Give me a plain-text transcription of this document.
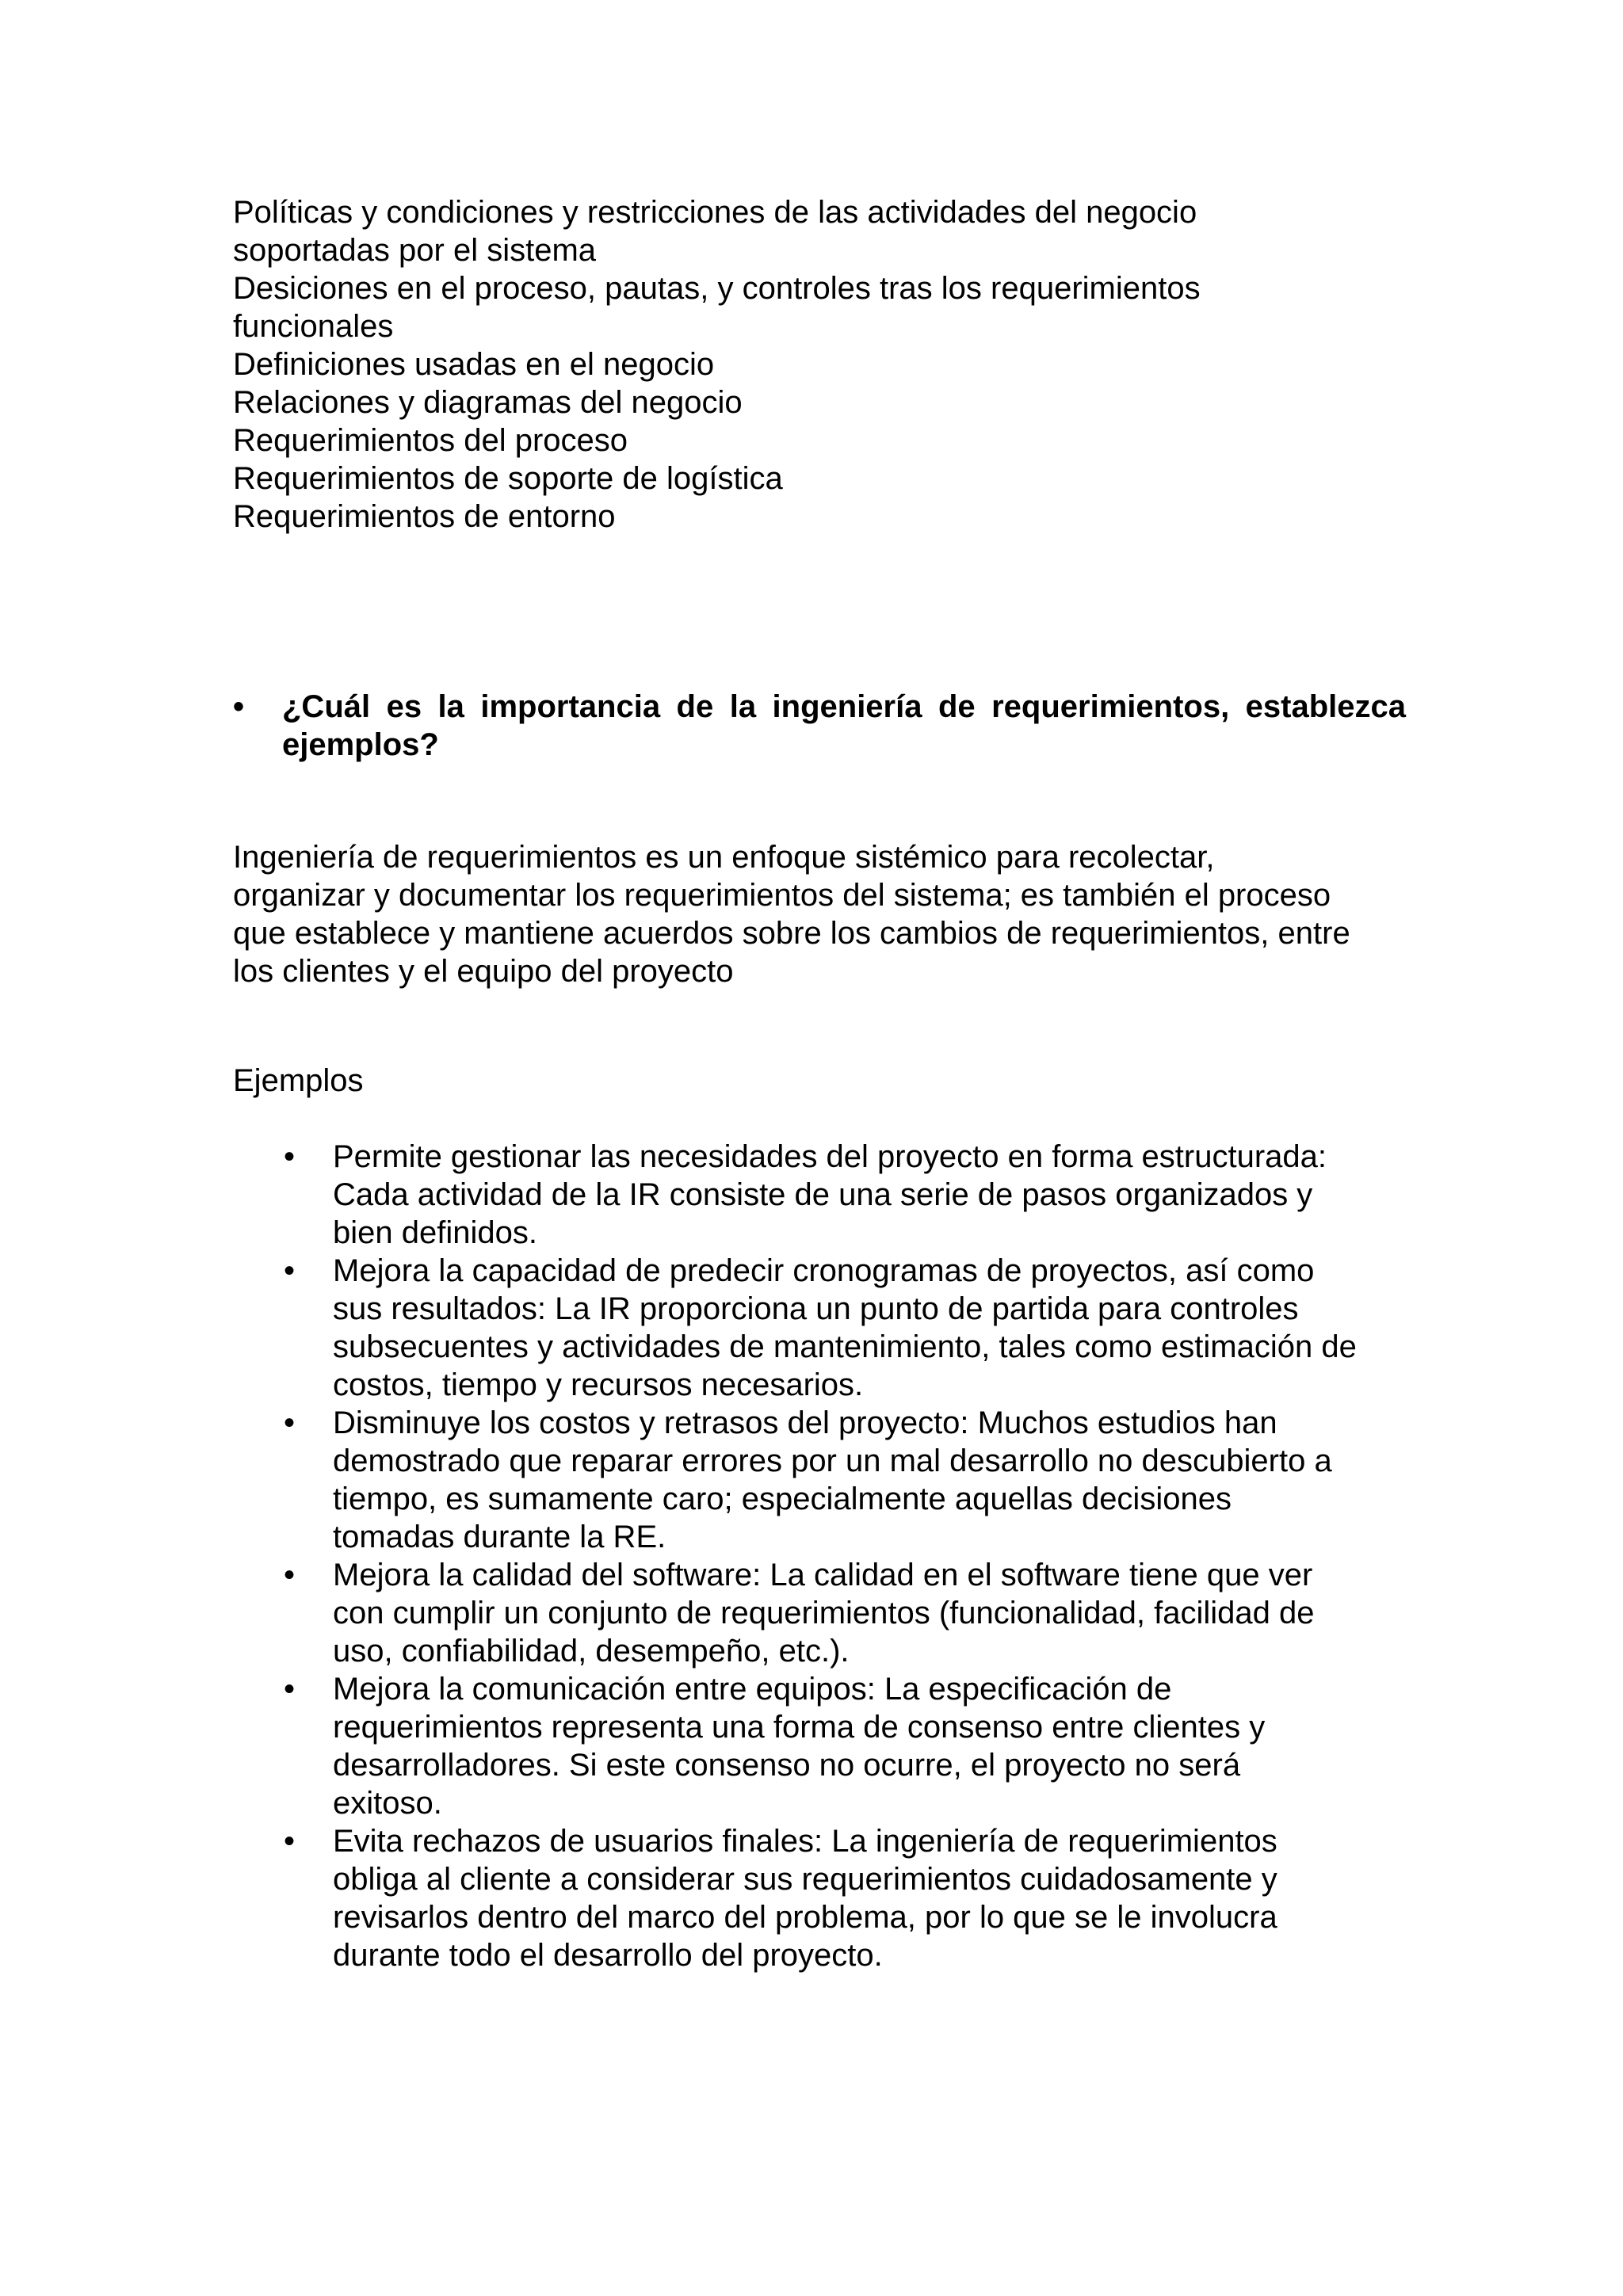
Políticas y condiciones y restricciones de las actividades del negocio
soportadas por el sistema
Desiciones en el proceso, pautas, y controles tras los requerimientos
funcionales
Definiciones usadas en el negocio
Relaciones y diagramas del negocio
Requerimientos del proceso
Requerimientos de soporte de logística
Requerimientos de entorno
•	¿Cuál es la importancia de la ingeniería de requerimientos, establezca
ejemplos?
Ingeniería de requerimientos es un enfoque sistémico para recolectar,
organizar y documentar los requerimientos del sistema; es también el proceso
que establece y mantiene acuerdos sobre los cambios de requerimientos, entre
los clientes y el equipo del proyecto
Ejemplos
• Permite gestionar las necesidades del proyecto en forma estructurada:
Cada actividad de la IR consiste de una serie de pasos organizados y
bien definidos.
• Mejora la capacidad de predecir cronogramas de proyectos, así como
sus resultados: La IR proporciona un punto de partida para controles
subsecuentes y actividades de mantenimiento, tales como estimación de
costos, tiempo y recursos necesarios.
• Disminuye los costos y retrasos del proyecto: Muchos estudios han
demostrado que reparar errores por un mal desarrollo no descubierto a
tiempo, es sumamente caro; especialmente aquellas decisiones
tomadas durante la RE.
• Mejora la calidad del software: La calidad en el software tiene que ver
con cumplir un conjunto de requerimientos (funcionalidad, facilidad de
uso, confiabilidad, desempeño, etc.).
• Mejora la comunicación entre equipos: La especificación de
requerimientos representa una forma de consenso entre clientes y
desarrolladores. Si este consenso no ocurre, el proyecto no será
exitoso.
• Evita rechazos de usuarios finales: La ingeniería de requerimientos
obliga al cliente a considerar sus requerimientos cuidadosamente y
revisarlos dentro del marco del problema, por lo que se le involucra
durante todo el desarrollo del proyecto.
